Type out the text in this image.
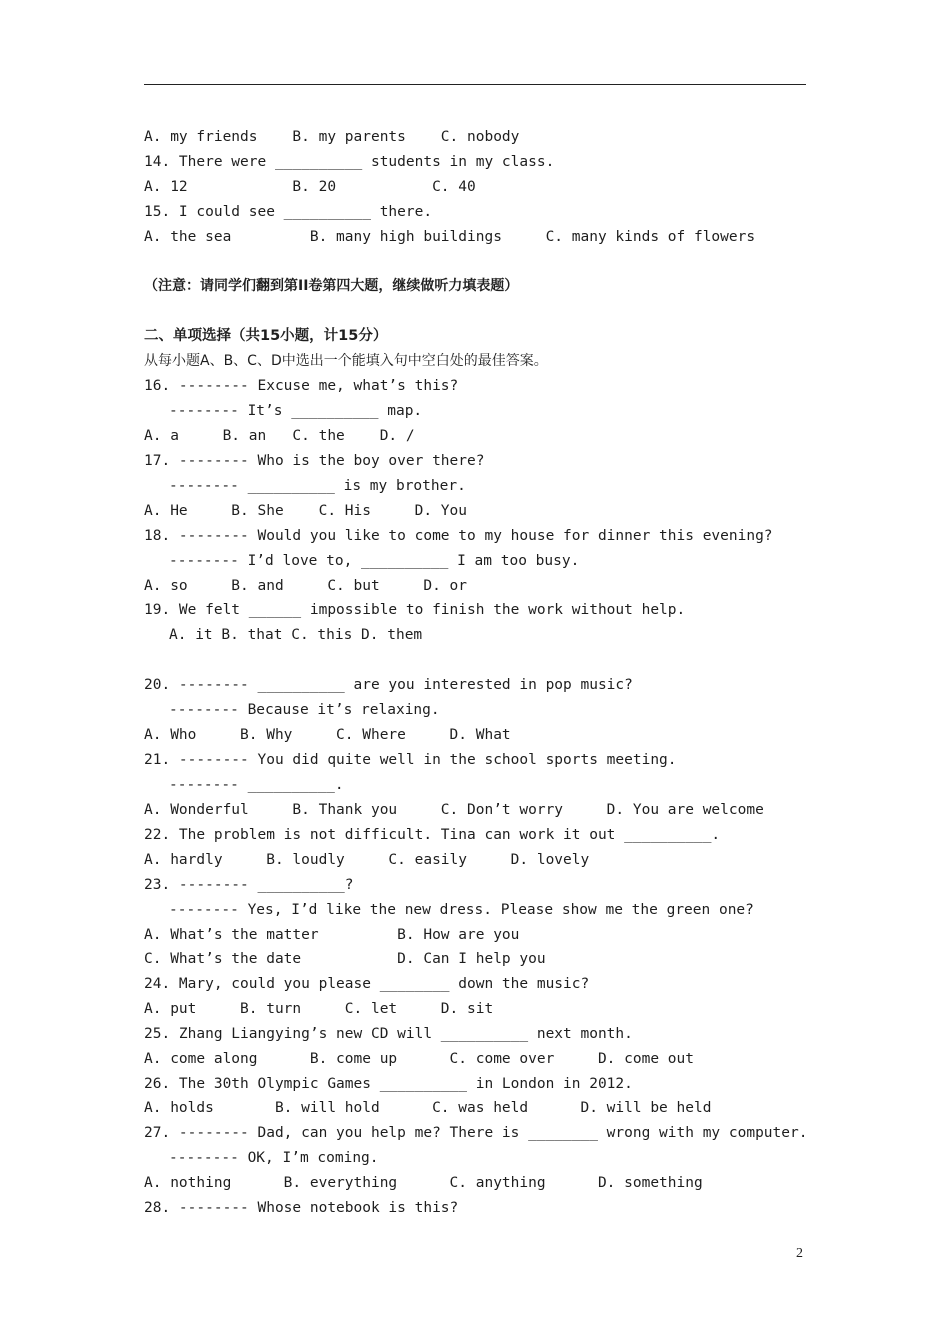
A. my friends    B. my parents    C. nobody
14. There were __________ students in my class.
A. 12            B. 20           C. 40
15. I could see __________ there.
A. the sea         B. many high buildings     C. many kinds of flowers
（注意：请同学们翻到第II卷第四大题，继续做听力填表题）
二、单项选择（共15小题，计15分）
从每小题A、B、C、D中选出一个能填入句中空白处的最佳答案。
16. -------- Excuse me, what’s this?
-------- It’s __________ map.
A. a     B. an   C. the    D. /
17. -------- Who is the boy over there?
-------- __________ is my brother.
A. He     B. She    C. His     D. You
18. -------- Would you like to come to my house for dinner this evening?
-------- I’d love to, __________ I am too busy.
A. so     B. and     C. but     D. or
19. We felt ______ impossible to finish the work without help.
A. it B. that C. this D. them
20. -------- __________ are you interested in pop music?
-------- Because it’s relaxing.
A. Who     B. Why     C. Where     D. What
21. -------- You did quite well in the school sports meeting.
-------- __________.
A. Wonderful     B. Thank you     C. Don’t worry     D. You are welcome
22. The problem is not difficult. Tina can work it out __________.
A. hardly     B. loudly     C. easily     D. lovely
23. -------- __________?
-------- Yes, I’d like the new dress. Please show me the green one?
A. What’s the matter         B. How are you
C. What’s the date           D. Can I help you
24. Mary, could you please ________ down the music?
A. put     B. turn     C. let     D. sit
25. Zhang Liangying’s new CD will __________ next month.
A. come along      B. come up      C. come over     D. come out
26. The 30th Olympic Games __________ in London in 2012.
A. holds       B. will hold      C. was held      D. will be held
27. -------- Dad, can you help me? There is ________ wrong with my computer.
-------- OK, I’m coming.
A. nothing      B. everything      C. anything      D. something
28. -------- Whose notebook is this?
2
